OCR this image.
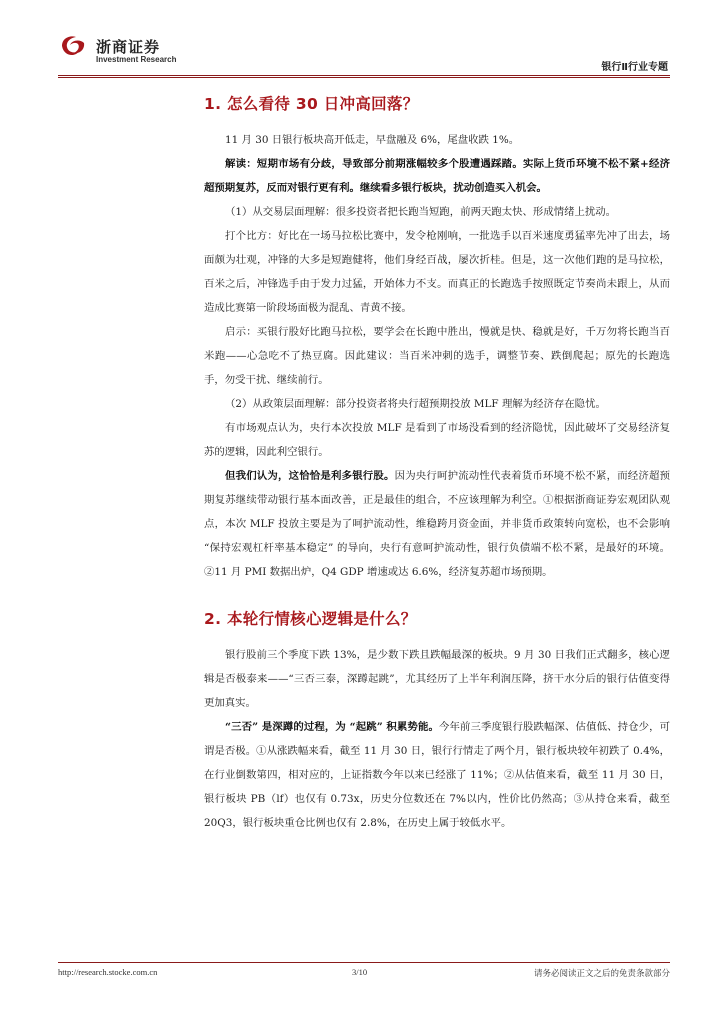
浙商证券
Investment Research
银行Ⅱ行业专题
1. 怎么看待 30 日冲高回落？

11 月 30 日银行板块高开低走，早盘融及 6%，尾盘收跌 1%。

解读：短期市场有分歧，导致部分前期涨幅较多个股遭遇踩踏。实际上货币环境不松不紧+经济超预期复苏，反而对银行更有利。继续看多银行板块，扰动创造买入机会。

（1）从交易层面理解：很多投资者把长跑当短跑，前两天跑太快、形成情绪上扰动。

打个比方：好比在一场马拉松比赛中，发令枪刚响，一批选手以百米速度勇猛率先冲了出去，场面颇为壮观，冲锋的大多是短跑健将，他们身经百战，屡次折桂。但是，这一次他们跑的是马拉松，百米之后，冲锋选手由于发力过猛，开始体力不支。而真正的长跑选手按照既定节奏尚未跟上，从而造成比赛第一阶段场面极为混乱、青黄不接。

启示：买银行股好比跑马拉松，要学会在长跑中胜出，慢就是快、稳就是好，千万勿将长跑当百米跑——心急吃不了热豆腐。因此建议：当百米冲刺的选手，调整节奏、跌倒爬起；原先的长跑选手，勿受干扰、继续前行。

（2）从政策层面理解：部分投资者将央行超预期投放 MLF 理解为经济存在隐忧。

有市场观点认为，央行本次投放 MLF 是看到了市场没看到的经济隐忧，因此破坏了交易经济复苏的逻辑，因此利空银行。

但我们认为，这恰恰是利多银行股。因为央行呵护流动性代表着货币环境不松不紧，而经济超预期复苏继续带动银行基本面改善，正是最佳的组合，不应该理解为利空。①根据浙商证券宏观团队观点，本次 MLF 投放主要是为了呵护流动性，维稳跨月资金面，并非货币政策转向宽松，也不会影响 “保持宏观杠杆率基本稳定” 的导向，央行有意呵护流动性，银行负债端不松不紧，是最好的环境。②11 月 PMI 数据出炉，Q4 GDP 增速或达 6.6%，经济复苏超市场预期。

2. 本轮行情核心逻辑是什么？

银行股前三个季度下跌 13%，是少数下跌且跌幅最深的板块。9 月 30 日我们正式翻多，核心逻辑是否极泰来——“三否三泰，深蹲起跳”，尤其经历了上半年利润压降，挤干水分后的银行估值变得更加真实。

“三否” 是深蹲的过程，为 “起跳” 积累势能。今年前三季度银行股跌幅深、估值低、持仓少，可谓是否极。①从涨跌幅来看，截至 11 月 30 日，银行行情走了两个月，银行板块较年初跌了 0.4%，在行业倒数第四，相对应的，上证指数今年以来已经涨了 11%；②从估值来看，截至 11 月 30 日，银行板块 PB（lf）也仅有 0.73x，历史分位数还在 7%以内，性价比仍然高；③从持仓来看，截至 20Q3，银行板块重仓比例也仅有 2.8%，在历史上属于较低水平。

http://research.stocke.com.cn	3/10	请务必阅读正文之后的免责条款部分
